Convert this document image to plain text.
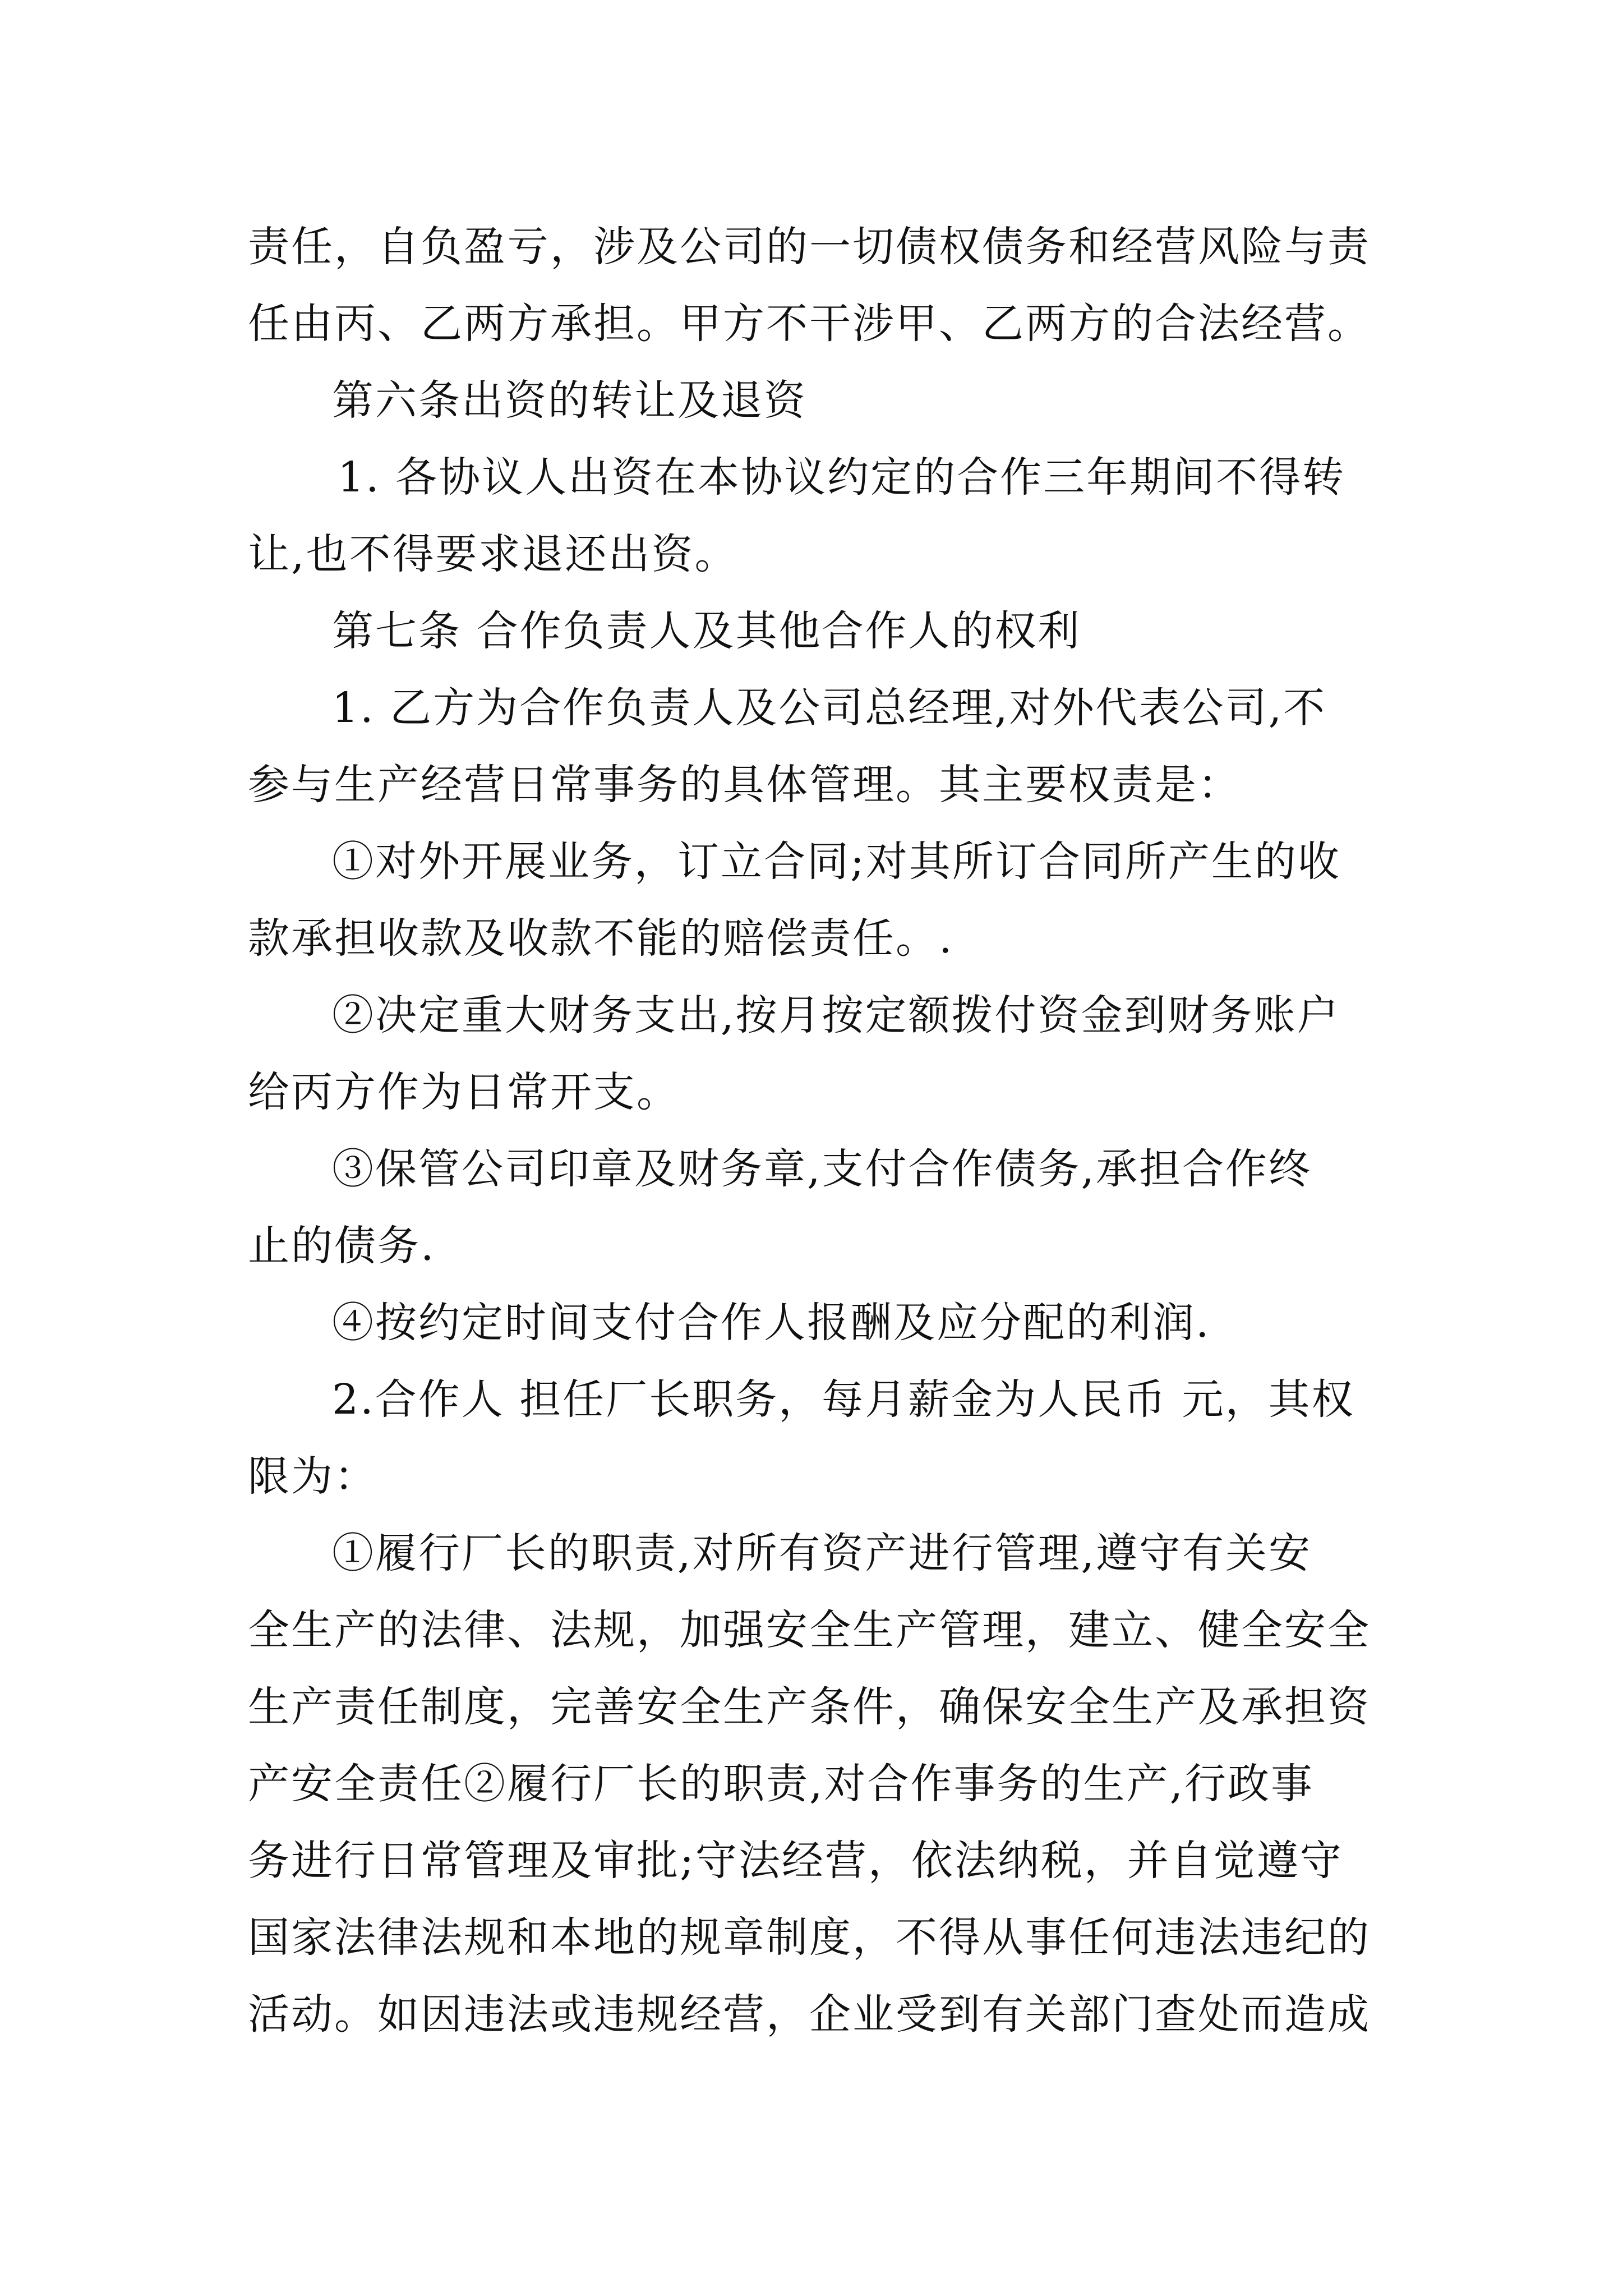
责任，自负盈亏，涉及公司的一切债权债务和经营风险与责
任由丙、乙两方承担。甲方不干涉甲、乙两方的合法经营。
第六条出资的转让及退资
1. 各协议人出资在本协议约定的合作三年期间不得转
让,也不得要求退还出资。
第七条 合作负责人及其他合作人的权利
1. 乙方为合作负责人及公司总经理,对外代表公司,不
参与生产经营日常事务的具体管理。其主要权责是：
①对外开展业务，订立合同;对其所订合同所产生的收
款承担收款及收款不能的赔偿责任。.
②决定重大财务支出,按月按定额拨付资金到财务账户
给丙方作为日常开支。
③保管公司印章及财务章,支付合作债务,承担合作终
止的债务.
④按约定时间支付合作人报酬及应分配的利润.
2.合作人 担任厂长职务，每月薪金为人民币 元，其权
限为：
①履行厂长的职责,对所有资产进行管理,遵守有关安
全生产的法律、法规，加强安全生产管理，建立、健全安全
生产责任制度，完善安全生产条件，确保安全生产及承担资
产安全责任②履行厂长的职责,对合作事务的生产,行政事
务进行日常管理及审批;守法经营，依法纳税，并自觉遵守
国家法律法规和本地的规章制度，不得从事任何违法违纪的
活动。如因违法或违规经营，企业受到有关部门查处而造成
